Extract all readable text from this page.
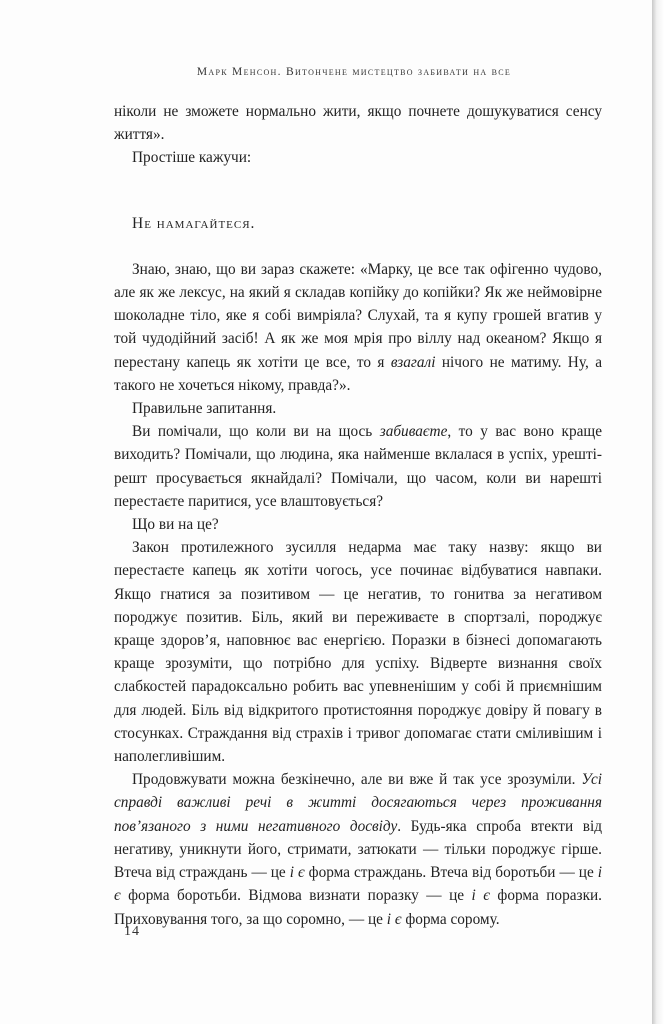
Марк Менсон. Витончене мистецтво забивати на все

ніколи не зможете нормально жити, якщо почнете дошукуватися сенсу життя».

Простіше кажучи:

Не намагайтеся.

Знаю, знаю, що ви зараз скажете: «Марку, це все так офігенно чудово, але як же лексус, на який я складав копійку до копійки? Як же неймовірне шоколадне тіло, яке я собі вимріяла? Слухай, та я купу грошей вгатив у той чудодійний засіб! А як же моя мрія про віллу над океаном? Якщо я перестану капець як хотіти це все, то я взагалі нічого не матиму. Ну, а такого не хочеться нікому, правда?».

Правильне запитання.

Ви помічали, що коли ви на щось забиваєте, то у вас воно краще виходить? Помічали, що людина, яка найменше вклалася в успіх, урешті-решт просувається якнайдалі? Помічали, що часом, коли ви нарешті перестаєте паритися, усе влаштовується?

Що ви на це?

Закон протилежного зусилля недарма має таку назву: якщо ви перестаєте капець як хотіти чогось, усе починає відбуватися навпаки. Якщо гнатися за позитивом — це негатив, то гонитва за негативом породжує позитив. Біль, який ви переживаєте в спортзалі, породжує краще здоров’я, наповнює вас енергією. Поразки в бізнесі допомагають краще зрозуміти, що потрібно для успіху. Відверте визнання своїх слабкостей парадоксально робить вас упевненішим у собі й приємнішим для людей. Біль від відкритого протистояння породжує довіру й повагу в стосунках. Страждання від страхів і тривог допомагає стати сміливішим і наполегливішим.

Продовжувати можна безкінечно, але ви вже й так усе зрозуміли. Усі справді важливі речі в житті досягаються через проживання пов’язаного з ними негативного досвіду. Будь-яка спроба втекти від негативу, уникнути його, стримати, затюкати — тільки породжує гірше. Втеча від страждань — це і є форма страждань. Втеча від боротьби — це і є форма боротьби. Відмова визнати поразку — це і є форма поразки. Приховування того, за що соромно, — це і є форма сорому.

14
